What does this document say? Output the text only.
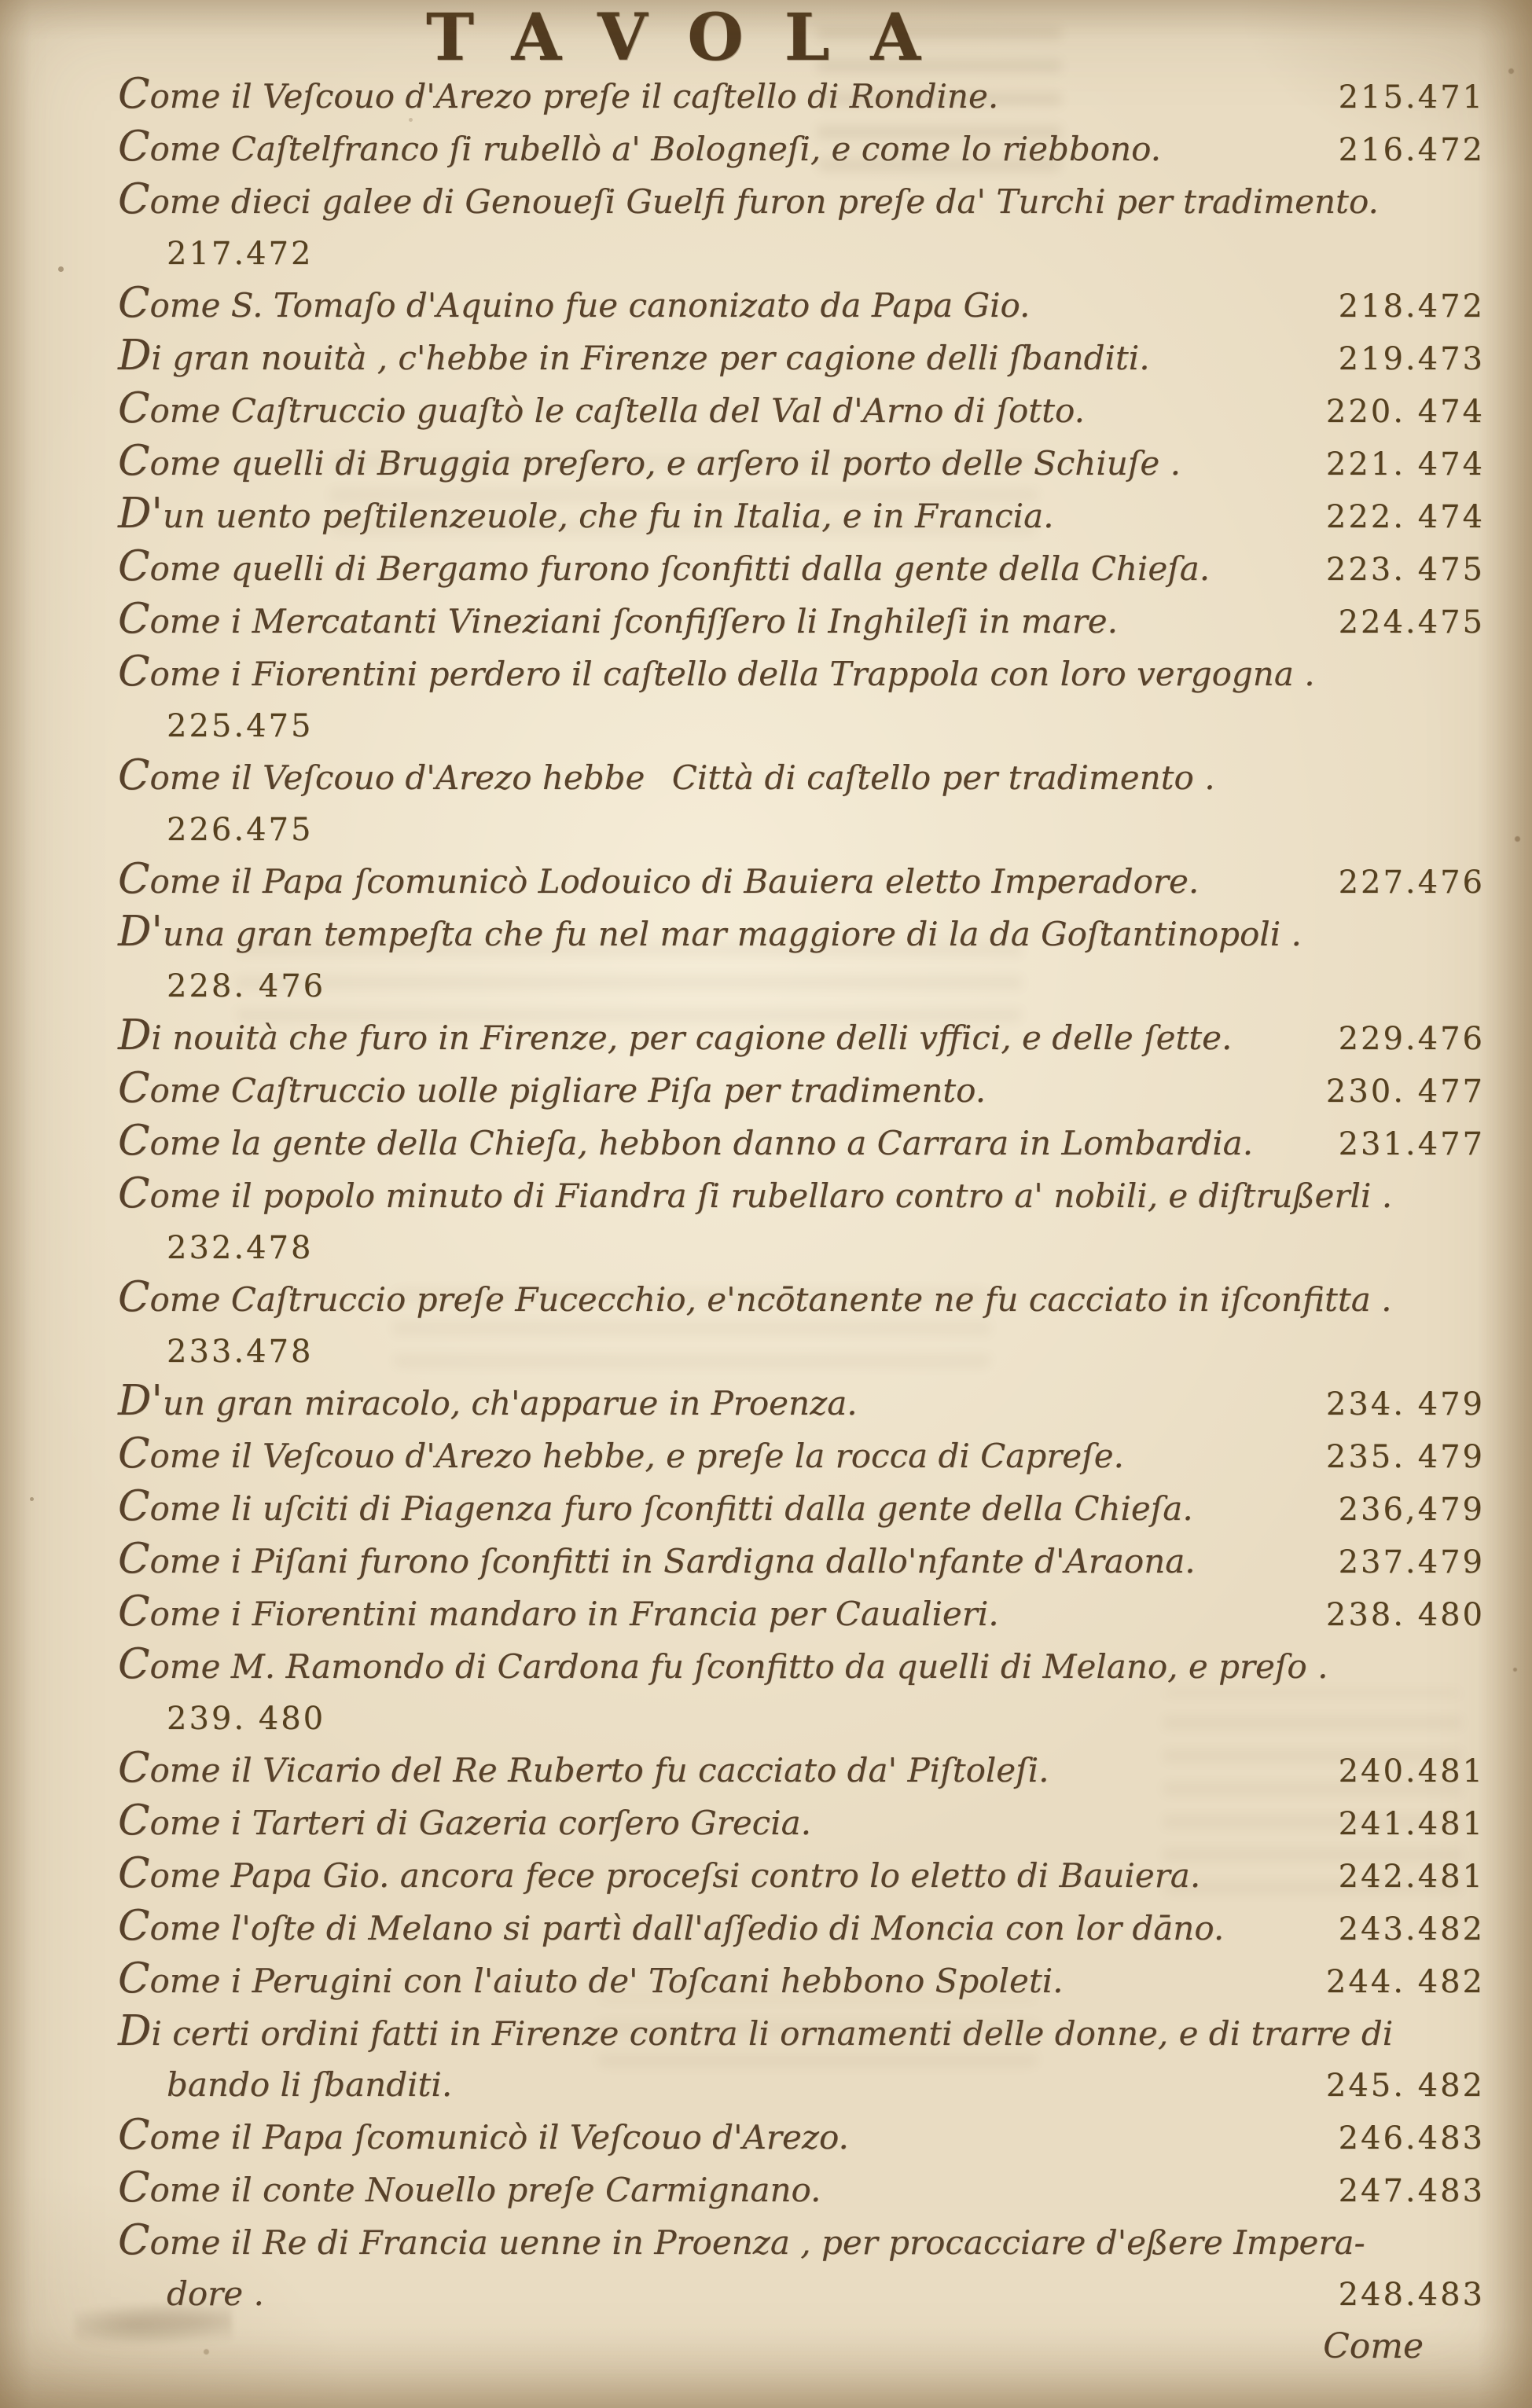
TAVOLA
Come il Veſcouo d'Arezo preſe il caſtello di Rondine.	215.471
Come Caſtelfranco ſi rubellò a' Bologneſi, e come lo riebbono.	216.472
Come dieci galee di Genoueſi Guelfi furon preſe da' Turchi per tradimento.
217.472
Come S. Tomaſo d'Aquino fue canonizato da Papa Gio.	218.472
Di gran nouità , c'hebbe in Firenze per cagione delli ſbanditi.	219.473
Come Caſtruccio guaſtò le caſtella del Val d'Arno di ſotto.	220. 474
Come quelli di Bruggia preſero, e arſero il porto delle Schiuſe .	221. 474
D'un uento peſtilenzeuole, che fu in Italia, e in Francia.	222. 474
Come quelli di Bergamo furono ſconfitti dalla gente della Chieſa.	223. 475
Come i Mercatanti Vineziani ſconfiſſero li Inghileſi in mare.	224.475
Come i Fiorentini perdero il caſtello della Trappola con loro vergogna .
225.475
Come il Veſcouo d'Arezo hebbe  Città di caſtello per tradimento .
226.475
Come il Papa ſcomunicò Lodouico di Bauiera eletto Imperadore.	227.476
D'una gran tempeſta che fu nel mar maggiore di la da Goſtantinopoli .
228. 476
Di nouità che furo in Firenze, per cagione delli vffici, e delle ſette.	229.476
Come Caſtruccio uolle pigliare Piſa per tradimento.	230. 477
Come la gente della Chieſa, hebbon danno a Carrara in Lombardia.	231.477
Come il popolo minuto di Fiandra ſi rubellaro contro a' nobili, e diſtrußerli .
232.478
Come Caſtruccio preſe Fucecchio, e'ncōtanente ne fu cacciato in iſconfitta .
233.478
D'un gran miracolo, ch'apparue in Proenza.	234. 479
Come il Veſcouo d'Arezo hebbe, e preſe la rocca di Capreſe.	235. 479
Come li uſciti di Piagenza furo ſconfitti dalla gente della Chieſa.	236,479
Come i Piſani furono ſconfitti in Sardigna dallo'nfante d'Araona.	237.479
Come i Fiorentini mandaro in Francia per Caualieri.	238. 480
Come M. Ramondo di Cardona fu ſconfitto da quelli di Melano, e preſo .
239. 480
Come il Vicario del Re Ruberto fu cacciato da' Piſtoleſi.	240.481
Come i Tarteri di Gazeria corſero Grecia.	241.481
Come Papa Gio. ancora fece proceſsi contro lo eletto di Bauiera.	242.481
Come l'oſte di Melano si partì dall'aſſedio di Moncia con lor dāno.	243.482
Come i Perugini con l'aiuto de' Toſcani hebbono Spoleti.	244. 482
Di certi ordini fatti in Firenze contra li ornamenti delle donne, e di trarre di
bando li ſbanditi.	245. 482
Come il Papa ſcomunicò il Veſcouo d'Arezo.	246.483
Come il conte Nouello preſe Carmignano.	247.483
Come il Re di Francia uenne in Proenza , per procacciare d'eßere Impera-
dore .	248.483
Come
